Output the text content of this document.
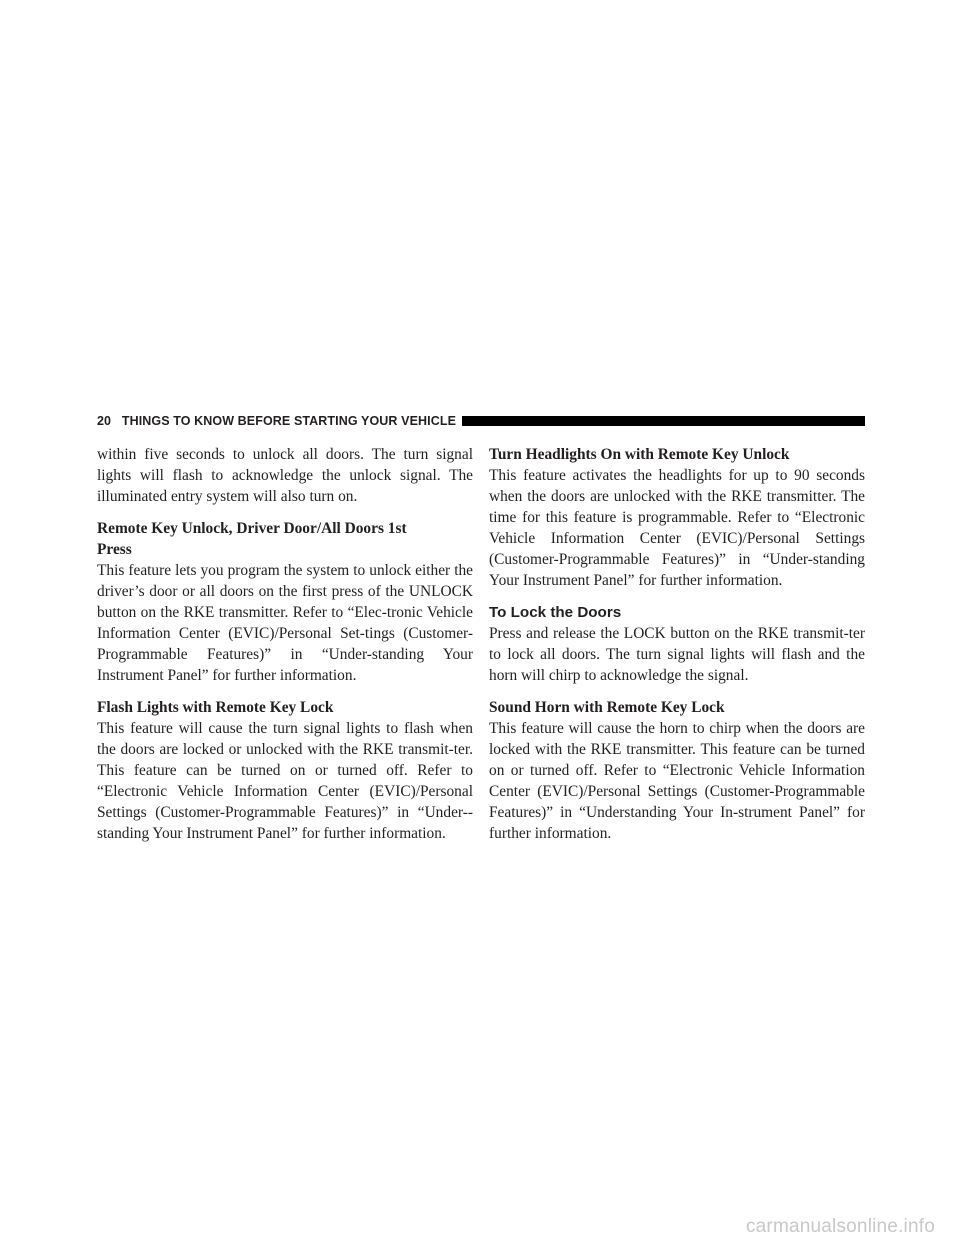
20 THINGS TO KNOW BEFORE STARTING YOUR VEHICLE

within five seconds to unlock all doors. The turn signal lights will flash to acknowledge the unlock signal. The illuminated entry system will also turn on.

Remote Key Unlock, Driver Door/All Doors 1st
Press

This feature lets you program the system to unlock either the driver’s door or all doors on the first press of the UNLOCK button on the RKE transmitter. Refer to “Elec-tronic Vehicle Information Center (EVIC)/Personal Set-tings (Customer-Programmable Features)” in “Under-standing Your Instrument Panel” for further information.

Flash Lights with Remote Key Lock

This feature will cause the turn signal lights to flash when the doors are locked or unlocked with the RKE transmit-ter. This feature can be turned on or turned off. Refer to “Electronic Vehicle Information Center (EVIC)/Personal Settings (Customer-Programmable Features)” in “Under-standing Your Instrument Panel” for further information.

Turn Headlights On with Remote Key Unlock

This feature activates the headlights for up to 90 seconds when the doors are unlocked with the RKE transmitter. The time for this feature is programmable. Refer to “Electronic Vehicle Information Center (EVIC)/Personal Settings (Customer-Programmable Features)” in “Under-standing Your Instrument Panel” for further information.

To Lock the Doors

Press and release the LOCK button on the RKE transmit-ter to lock all doors. The turn signal lights will flash and the horn will chirp to acknowledge the signal.

Sound Horn with Remote Key Lock

This feature will cause the horn to chirp when the doors are locked with the RKE transmitter. This feature can be turned on or turned off. Refer to “Electronic Vehicle Information Center (EVIC)/Personal Settings (Customer-Programmable Features)” in “Understanding Your In-strument Panel” for further information.

carmanualsonline.info
